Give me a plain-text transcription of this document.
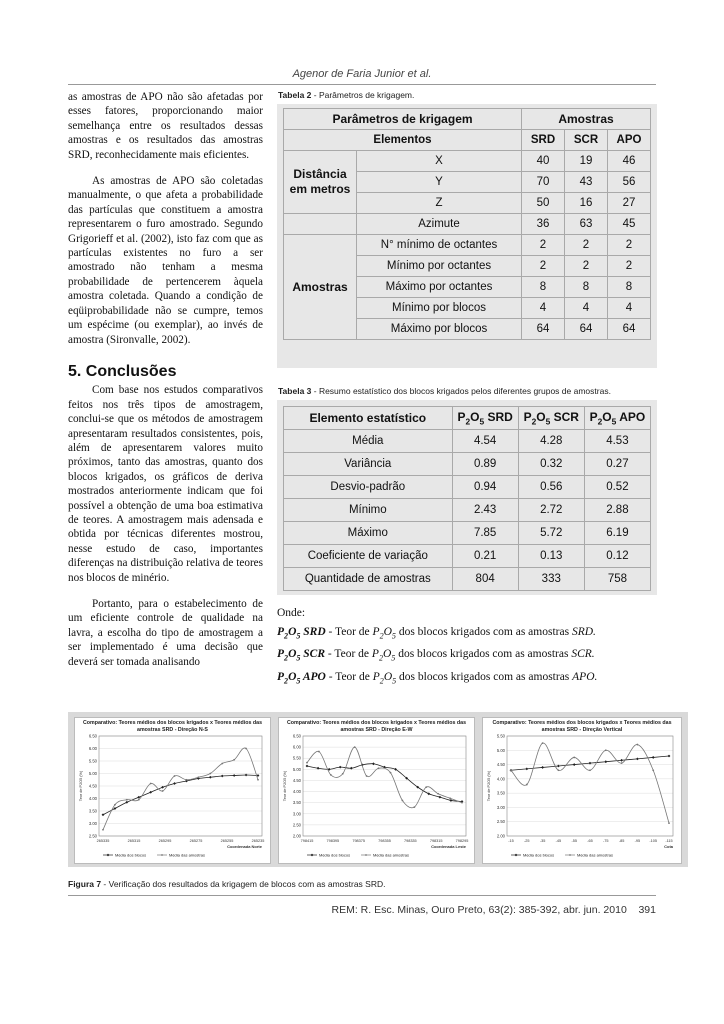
Agenor de Faria Junior et al.

as amostras de APO não são afetadas por esses fatores, proporcionando maior semelhança entre os resultados dessas amostras e os resultados das amostras SRD, reconhecidamente mais eficientes.

As amostras de APO são coletadas manualmente, o que afeta a probabilidade das partículas que constituem a amostra representarem o furo amostrado. Segundo Grigorieff et al. (2002), isto faz com que as partículas existentes no furo a ser amostrado não tenham a mesma probabilidade de pertencerem àquela amostra coletada. Quando a condição de eqüiprobabilidade não se cumpre, temos um espécime (ou exemplar), ao invés de amostra (Sironvalle, 2002).

5. Conclusões

Com base nos estudos comparativos feitos nos três tipos de amostragem, conclui-se que os métodos de amostragem apresentaram resultados consistentes, pois, além de apresentarem valores muito próximos, tanto das amostras, quanto dos blocos krigados, os gráficos de deriva mostrados anteriormente indicam que foi possível a obtenção de uma boa estimativa de teores. A amostragem mais adensada e obtida por técnicas diferentes mostrou, nesse estudo de caso, importantes diferenças na distribuição relativa de teores nos blocos de minério.

Portanto, para o estabelecimento de um eficiente controle de qualidade na lavra, a escolha do tipo de amostragem a ser implementado é uma decisão que deverá ser tomada analisando

Tabela 2 - Parâmetros de krigagem.
Parâmetros de krigagem		Amostras		
Elementos		SRD	SCR	APO
Distância em metros	X	40	19	46
	Y	70	43	56
	Z	50	16	27
	Azimute	36	63	45
Amostras	N° mínimo de octantes	2	2	2
	Mínimo por octantes	2	2	2
	Máximo por octantes	8	8	8
	Mínimo por blocos	4	4	4
	Máximo por blocos	64	64	64
Tabela 3 - Resumo estatístico dos blocos krigados pelos diferentes grupos de amostras.
Elemento estatístico	$P_2O_5$ SRD	$P_2O_5$ SCR	$P_2O_5$ APO
Média	4.54	4.28	4.53
Variância	0.89	0.32	0.27
Desvio-padrão	0.94	0.56	0.52
Mínimo	2.43	2.72	2.88
Máximo	7.85	5.72	6.19
Coeficiente de variação	0.21	0.13	0.12
Quantidade de amostras	804	333	758
Onde:
$P_2O_5$ SRD - Teor de $P_2O_5$ dos blocos krigados com as amostras SRD.
$P_2O_5$ SCR - Teor de $P_2O_5$ dos blocos krigados com as amostras SCR.
$P_2O_5$ APO - Teor de $P_2O_5$ dos blocos krigados com as amostras APO.
Comparativo: Teores médios dos blocos krigados x Teores médios das amostras SRD - Direção N-S
2.50
3.00
3.50
4.00
4.50
5.00
5.50
6.00
6.50
265335	265315	265295	265275	265255	265235
Coordenada Norte
Teor de P2O5 (%)
Média dos blocos	Média das amostras
Comparativo: Teores médios dos blocos krigados x Teores médios das amostras SRD - Direção E-W
2.00
2.50
3.00
3.50
4.00
4.50
5.00
5.50
6.00
6.50
798415	798395	798375	798355	798335	798315	798295
Coordenada Leste
Teor de P2O5 (%)
Média dos blocos	Média das amostras
Comparativo: Teores médios dos blocos krigados x Teores médios das amostras SRD - Direção Vertical
2.00
2.50
3.00
3.50
4.00
4.50
5.00
5.50
-15	-25	-35	-45	-55	-65	-75	-85	-95 -105 -115
Cota
Teor de P2O5 (%)
Média dos blocos	Média das amostras
Figura 7 - Verificação dos resultados da krigagem de blocos com as amostras SRD.
REM: R. Esc. Minas, Ouro Preto, 63(2): 385-392, abr. jun. 2010 391
